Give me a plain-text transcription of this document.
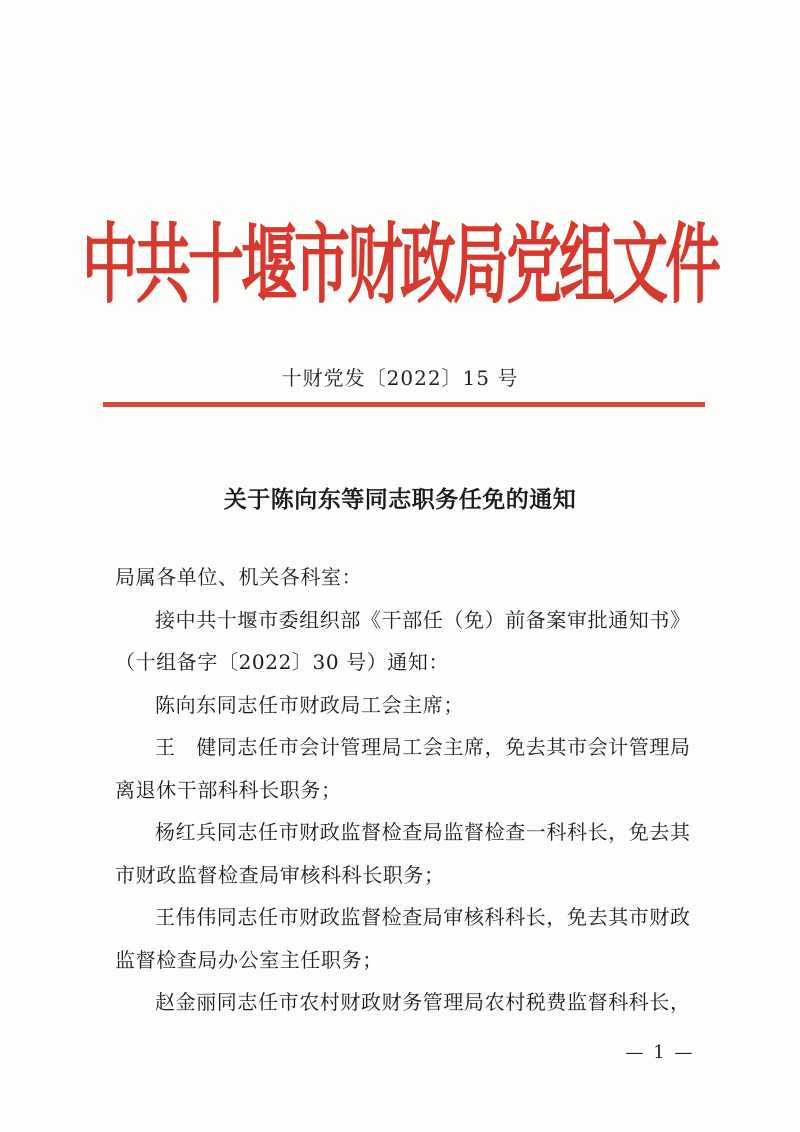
中共十堰市财政局党组文件
十财党发〔2022〕15 号
关于陈向东等同志职务任免的通知
局属各单位、机关各科室：
接中共十堰市委组织部《干部任（免）前备案审批通知书》
（十组备字〔2022〕30 号）通知：
陈向东同志任市财政局工会主席；
王　健同志任市会计管理局工会主席，免去其市会计管理局
离退休干部科科长职务；
杨红兵同志任市财政监督检查局监督检查一科科长，免去其
市财政监督检查局审核科科长职务；
王伟伟同志任市财政监督检查局审核科科长，免去其市财政
监督检查局办公室主任职务；
赵金丽同志任市农村财政财务管理局农村税费监督科科长，
— 1 —
